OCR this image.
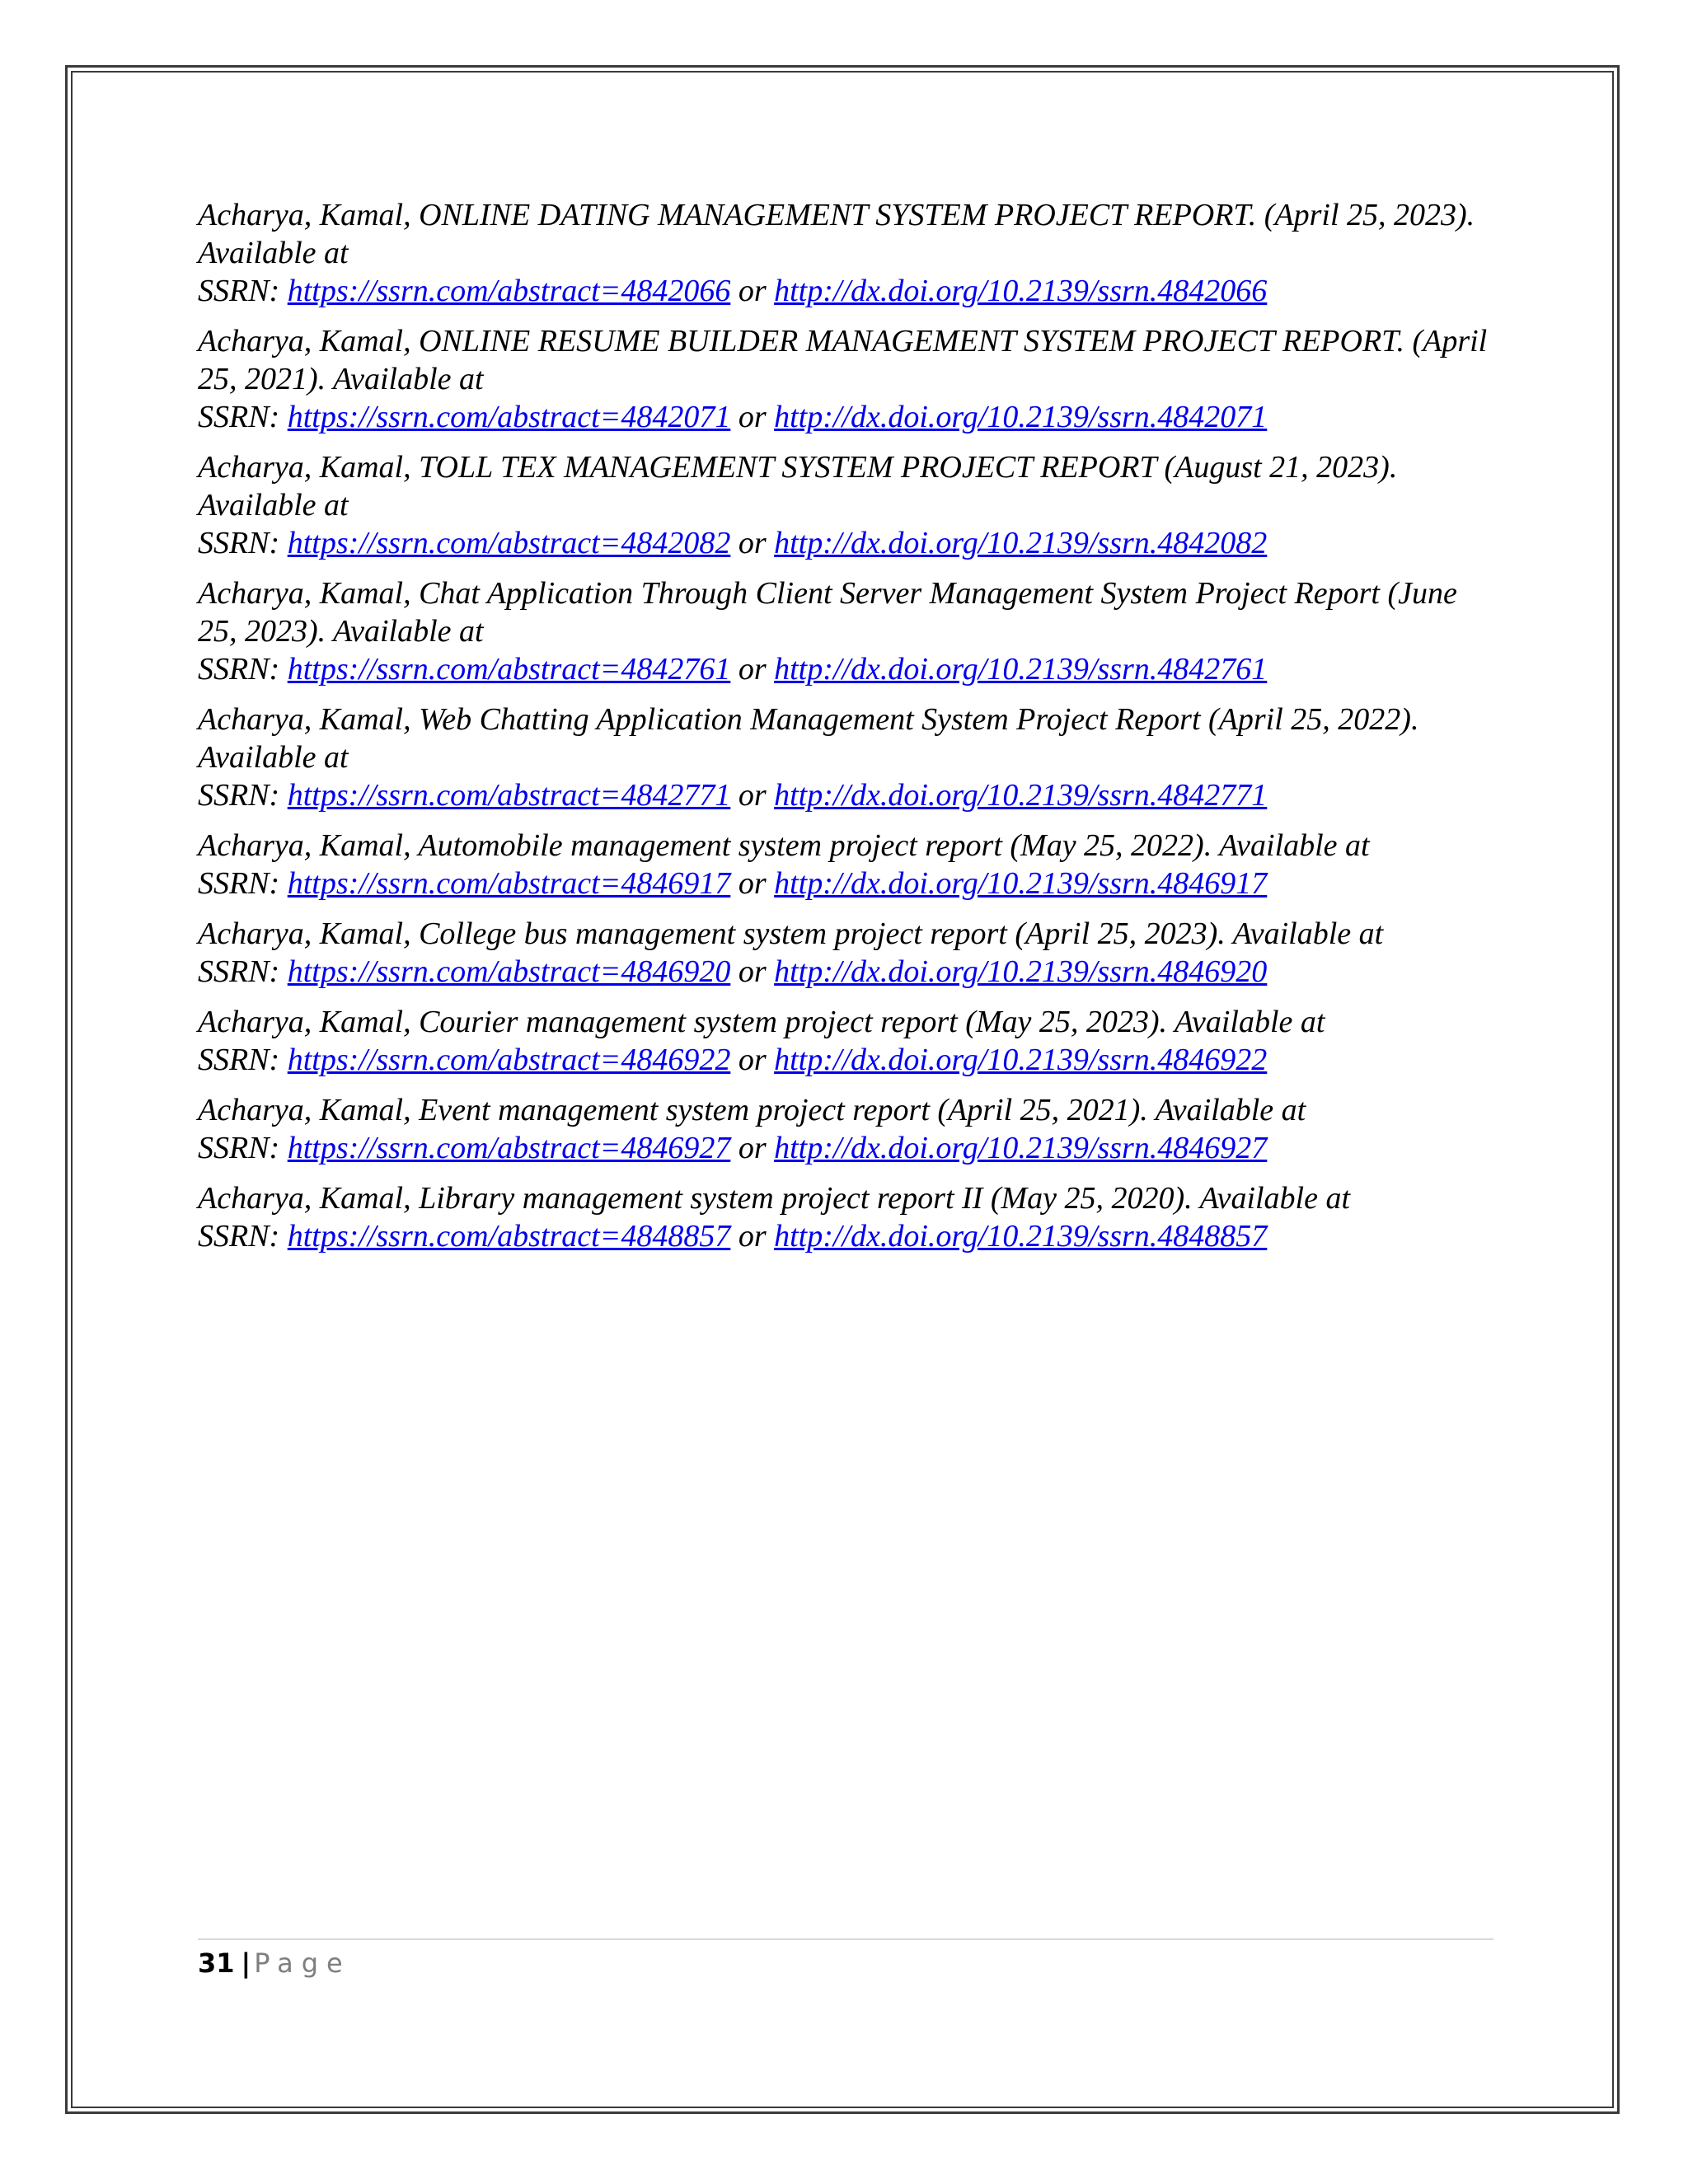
Acharya, Kamal, ONLINE DATING MANAGEMENT SYSTEM PROJECT REPORT. (April 25, 2023). Available at
SSRN: https://ssrn.com/abstract=4842066 or http://dx.doi.org/10.2139/ssrn.4842066
Acharya, Kamal, ONLINE RESUME BUILDER MANAGEMENT SYSTEM PROJECT REPORT. (April 25, 2021). Available at
SSRN: https://ssrn.com/abstract=4842071 or http://dx.doi.org/10.2139/ssrn.4842071
Acharya, Kamal, TOLL TEX MANAGEMENT SYSTEM PROJECT REPORT (August 21, 2023). Available at
SSRN: https://ssrn.com/abstract=4842082 or http://dx.doi.org/10.2139/ssrn.4842082
Acharya, Kamal, Chat Application Through Client Server Management System Project Report (June 25, 2023). Available at
SSRN: https://ssrn.com/abstract=4842761 or http://dx.doi.org/10.2139/ssrn.4842761
Acharya, Kamal, Web Chatting Application Management System Project Report (April 25, 2022). Available at
SSRN: https://ssrn.com/abstract=4842771 or http://dx.doi.org/10.2139/ssrn.4842771
Acharya, Kamal, Automobile management system project report (May 25, 2022). Available at
SSRN: https://ssrn.com/abstract=4846917 or http://dx.doi.org/10.2139/ssrn.4846917
Acharya, Kamal, College bus management system project report (April 25, 2023). Available at
SSRN: https://ssrn.com/abstract=4846920 or http://dx.doi.org/10.2139/ssrn.4846920
Acharya, Kamal, Courier management system project report (May 25, 2023). Available at
SSRN: https://ssrn.com/abstract=4846922 or http://dx.doi.org/10.2139/ssrn.4846922
Acharya, Kamal, Event management system project report (April 25, 2021). Available at
SSRN: https://ssrn.com/abstract=4846927 or http://dx.doi.org/10.2139/ssrn.4846927
Acharya, Kamal, Library management system project report II (May 25, 2020). Available at
SSRN: https://ssrn.com/abstract=4848857 or http://dx.doi.org/10.2139/ssrn.4848857
31 | Page
